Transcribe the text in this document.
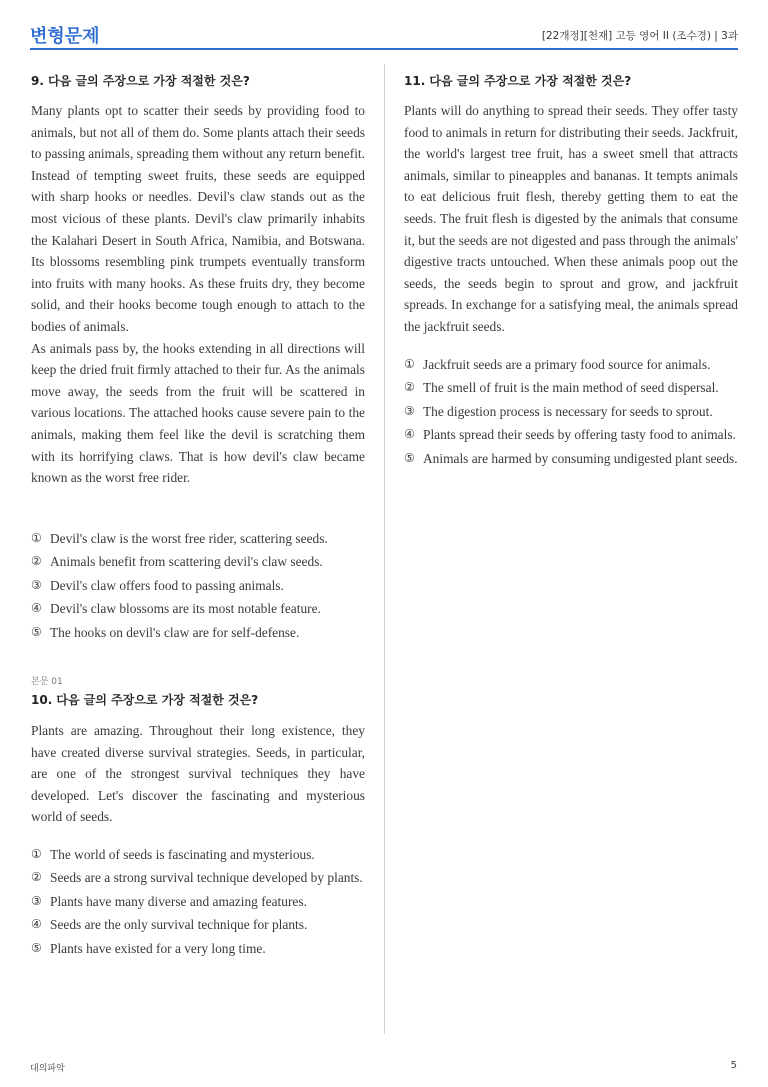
변형문제	[22개정][천재] 고등 영어 II (조수경) | 3과
9. 다음 글의 주장으로 가장 적절한 것은?

Many plants opt to scatter their seeds by providing food to animals, but not all of them do. Some plants attach their seeds to passing animals, spreading them without any return benefit. Instead of tempting sweet fruits, these seeds are equipped with sharp hooks or needles. Devil's claw stands out as the most vicious of these plants. Devil's claw primarily inhabits the Kalahari Desert in South Africa, Namibia, and Botswana. Its blossoms resembling pink trumpets eventually transform into fruits with many hooks. As these fruits dry, they become solid, and their hooks become tough enough to attach to the bodies of animals.

As animals pass by, the hooks extending in all directions will keep the dried fruit firmly attached to their fur. As the animals move away, the seeds from the fruit will be scattered in various locations. The attached hooks cause severe pain to the animals, making them feel like the devil is scratching them with its horrifying claws. That is how devil's claw became known as the worst free rider.

① Devil's claw is the worst free rider, scattering seeds.
② Animals benefit from scattering devil's claw seeds.
③ Devil's claw offers food to passing animals.
④ Devil's claw blossoms are its most notable feature.
⑤ The hooks on devil's claw are for self-defense.
본문 01
10. 다음 글의 주장으로 가장 적절한 것은?

Plants are amazing. Throughout their long existence, they have created diverse survival strategies. Seeds, in particular, are one of the strongest survival techniques they have developed. Let's discover the fascinating and mysterious world of seeds.

① The world of seeds is fascinating and mysterious.
② Seeds are a strong survival technique developed by plants.
③ Plants have many diverse and amazing features.
④ Seeds are the only survival technique for plants.
⑤ Plants have existed for a very long time.
11. 다음 글의 주장으로 가장 적절한 것은?

Plants will do anything to spread their seeds. They offer tasty food to animals in return for distributing their seeds. Jackfruit, the world's largest tree fruit, has a sweet smell that attracts animals, similar to pineapples and bananas. It tempts animals to eat delicious fruit flesh, thereby getting them to eat the seeds. The fruit flesh is digested by the animals that consume it, but the seeds are not digested and pass through the animals' digestive tracts untouched. When these animals poop out the seeds, the seeds begin to sprout and grow, and jackfruit spreads. In exchange for a satisfying meal, the animals spread the jackfruit seeds.

① Jackfruit seeds are a primary food source for animals.
② The smell of fruit is the main method of seed dispersal.
③ The digestion process is necessary for seeds to sprout.
④ Plants spread their seeds by offering tasty food to animals.
⑤ Animals are harmed by consuming undigested plant seeds.
대의파악	5
